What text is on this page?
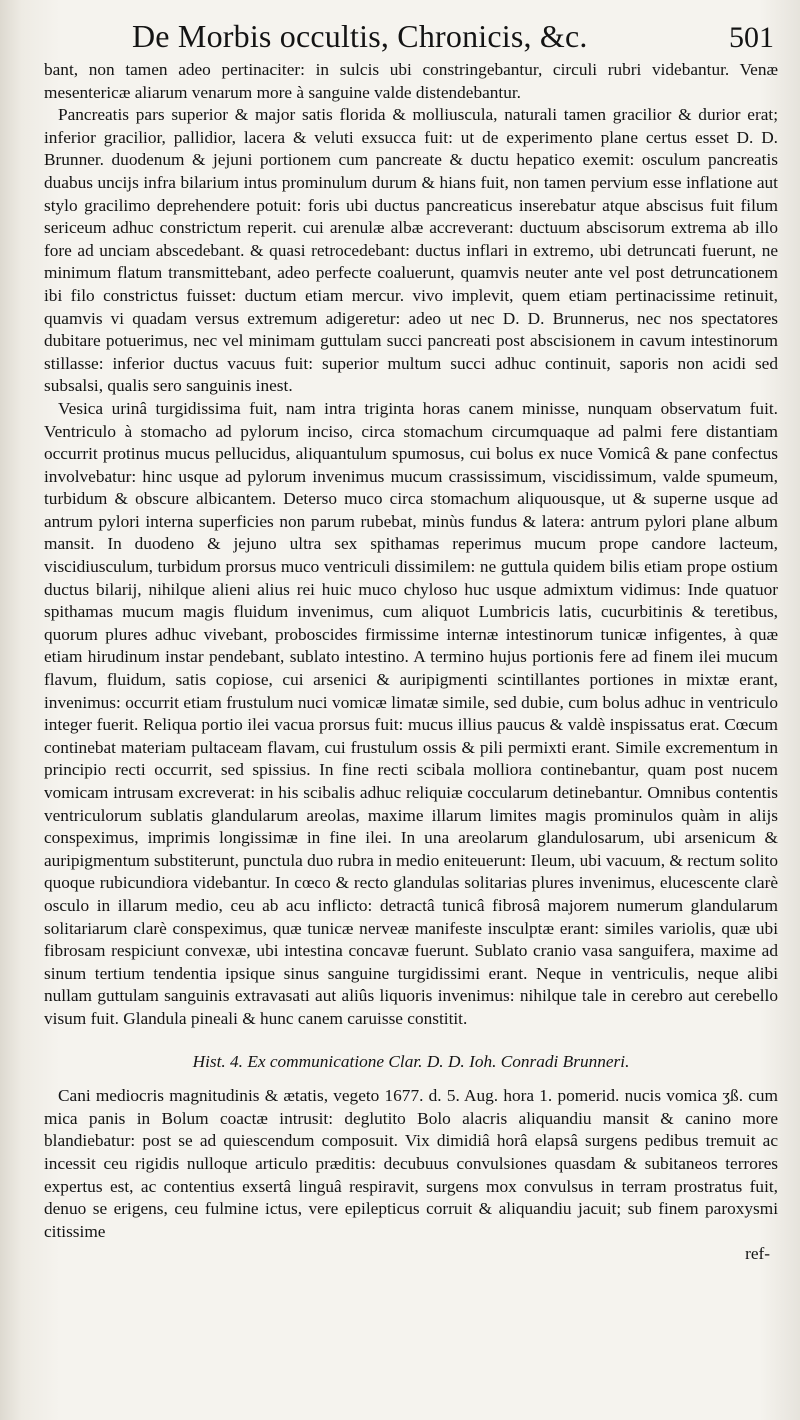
De Morbis occultis, Chronicis, &c.	501

bant, non tamen adeo pertinaciter: in sulcis ubi constringebantur, circuli rubri videbantur. Venæ mesentericæ aliarum venarum more à sanguine valde distendebantur.

Pancreatis pars superior & major satis florida & molliuscula, naturali tamen gracilior & durior erat; inferior gracilior, pallidior, lacera & veluti exsucca fuit: ut de experimento plane certus esset D. D. Brunner. duodenum & jejuni portionem cum pancreate & ductu hepatico exemit: osculum pancreatis duabus uncijs infra bilarium intus prominulum durum & hians fuit, non tamen pervium esse inflatione aut stylo gracilimo deprehendere potuit: foris ubi ductus pancreaticus inserebatur atque abscisus fuit filum sericeum adhuc constrictum reperit. cui arenulæ albæ accreverant: ductuum abscisorum extrema ab illo fore ad unciam abscedebant. & quasi retrocedebant: ductus inflari in extremo, ubi detruncati fuerunt, ne minimum flatum transmittebant, adeo perfecte coaluerunt, quamvis neuter ante vel post detruncationem ibi filo constrictus fuisset: ductum etiam mercur. vivo implevit, quem etiam pertinacissime retinuit, quamvis vi quadam versus extremum adigeretur: adeo ut nec D. D. Brunnerus, nec nos spectatores dubitare potuerimus, nec vel minimam guttulam succi pancreati post abscisionem in cavum intestinorum stillasse: inferior ductus vacuus fuit: superior multum succi adhuc continuit, saporis non acidi sed subsalsi, qualis sero sanguinis inest.

Vesica urinâ turgidissima fuit, nam intra triginta horas canem minisse, nunquam observatum fuit. Ventriculo à stomacho ad pylorum inciso, circa stomachum circumquaque ad palmi fere distantiam occurrit protinus mucus pellucidus, aliquantulum spumosus, cui bolus ex nuce Vomicâ & pane confectus involvebatur: hinc usque ad pylorum invenimus mucum crassissimum, viscidissimum, valde spumeum, turbidum & obscure albicantem. Deterso muco circa stomachum aliquousque, ut & superne usque ad antrum pylori interna superficies non parum rubebat, minùs fundus & latera: antrum pylori plane album mansit. In duodeno & jejuno ultra sex spithamas reperimus mucum prope candore lacteum, viscidiusculum, turbidum prorsus muco ventriculi dissimilem: ne guttula quidem bilis etiam prope ostium ductus bilarij, nihilque alieni alius rei huic muco chyloso huc usque admixtum vidimus: Inde quatuor spithamas mucum magis fluidum invenimus, cum aliquot Lumbricis latis, cucurbitinis & teretibus, quorum plures adhuc vivebant, proboscides firmissime internæ intestinorum tunicæ infigentes, à quæ etiam hirudinum instar pendebant, sublato intestino. A termino hujus portionis fere ad finem ilei mucum flavum, fluidum, satis copiose, cui arsenici & auripigmenti scintillantes portiones in mixtæ erant, invenimus: occurrit etiam frustulum nuci vomicæ limatæ simile, sed dubie, cum bolus adhuc in ventriculo integer fuerit. Reliqua portio ilei vacua prorsus fuit: mucus illius paucus & valdè inspissatus erat. Cœcum continebat materiam pultaceam flavam, cui frustulum ossis & pili permixti erant. Simile excrementum in principio recti occurrit, sed spissius. In fine recti scibala molliora continebantur, quam post nucem vomicam intrusam excreverat: in his scibalis adhuc reliquiæ coccularum detinebantur. Omnibus contentis ventriculorum sublatis glandularum areolas, maxime illarum limites magis prominulos quàm in alijs conspeximus, imprimis longissimæ in fine ilei. In una areolarum glandulosarum, ubi arsenicum & auripigmentum substiterunt, punctula duo rubra in medio eniteuerunt: Ileum, ubi vacuum, & rectum solito quoque rubicundiora videbantur. In cœco & recto glandulas solitarias plures invenimus, elucescente clarè osculo in illarum medio, ceu ab acu inflicto: detractâ tunicâ fibrosâ majorem numerum glandularum solitariarum clarè conspeximus, quæ tunicæ nerveæ manifeste insculptæ erant: similes variolis, quæ ubi fibrosam respiciunt convexæ, ubi intestina concavæ fuerunt. Sublato cranio vasa sanguifera, maxime ad sinum tertium tendentia ipsique sinus sanguine turgidissimi erant. Neque in ventriculis, neque alibi nullam guttulam sanguinis extravasati aut aliûs liquoris invenimus: nihilque tale in cerebro aut cerebello visum fuit. Glandula pineali & hunc canem caruisse constitit.

Hist. 4. Ex communicatione Clar. D. D. Ioh. Conradi Brunneri.

Cani mediocris magnitudinis & ætatis, vegeto 1677. d. 5. Aug. hora 1. pomerid. nucis vomica ʒß. cum mica panis in Bolum coactæ intrusit: deglutito Bolo alacris aliquandiu mansit & canino more blandiebatur: post se ad quiescendum composuit. Vix dimidiâ horâ elapsâ surgens pedibus tremuit ac incessit ceu rigidis nulloque articulo præditis: decubuus convulsiones quasdam & subitaneos terrores expertus est, ac contentius exsertâ linguâ respiravit, surgens mox convulsus in terram prostratus fuit, denuo se erigens, ceu fulmine ictus, vere epilepticus corruit & aliquandiu jacuit; sub finem paroxysmi citissime

ref-
